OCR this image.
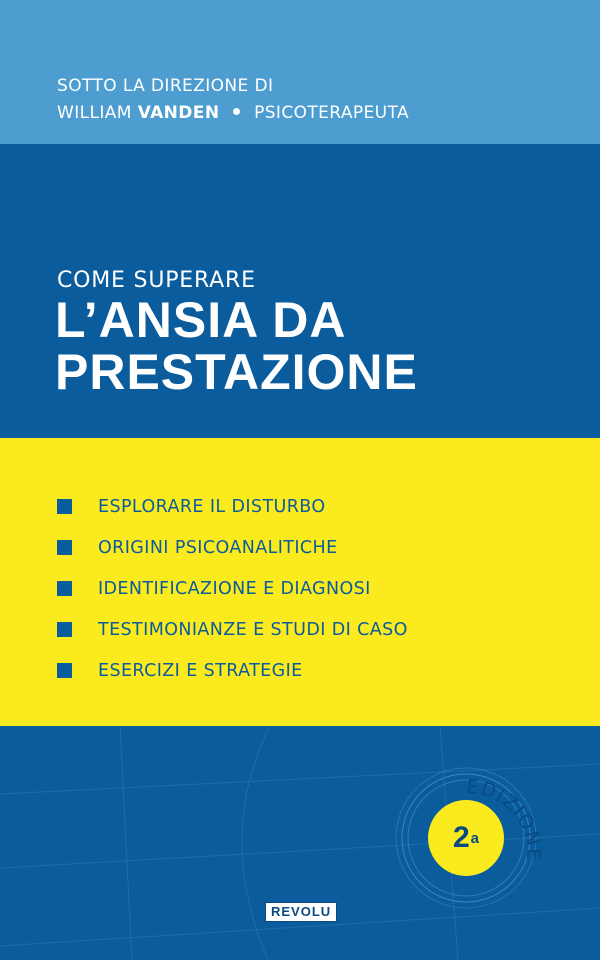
SOTTO LA DIREZIONE DI
WILLIAM VANDEN PSICOTERAPEUTA
COME SUPERARE
L’ANSIA DA
PRESTAZIONE
ESPLORARE IL DISTURBO
ORIGINI PSICOANALITICHE
IDENTIFICAZIONE E DIAGNOSI
TESTIMONIANZE E STUDI DI CASO
ESERCIZI E STRATEGIE
2 a
EDIZIONE
REVOLU
